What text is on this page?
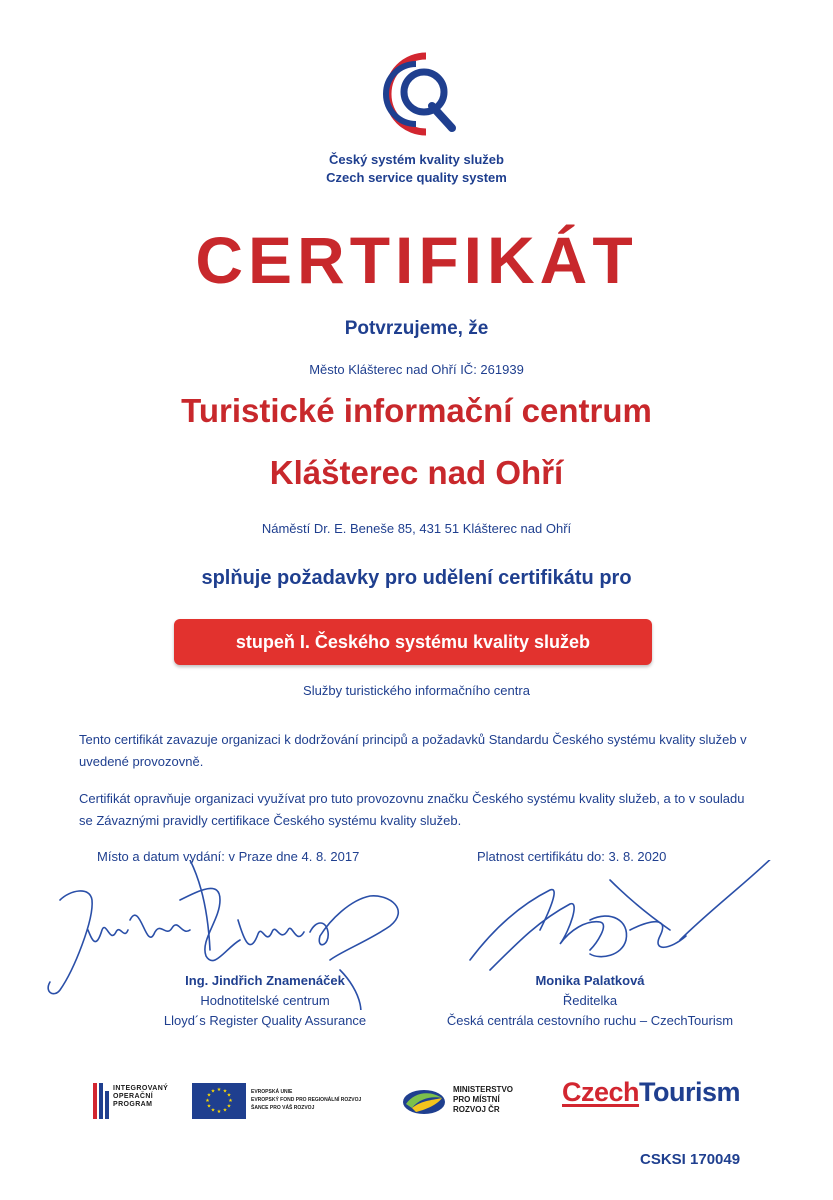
Český systém kvality služeb
Czech service quality system
CERTIFIKÁT
Potvrzujeme, že
Město Klášterec nad Ohří IČ: 261939
Turistické informační centrum
Klášterec nad Ohří
Náměstí Dr. E. Beneše 85, 431 51 Klášterec nad Ohří
splňuje požadavky pro udělení certifikátu pro
stupeň I. Českého systému kvality služeb
Služby turistického informačního centra
Tento certifikát zavazuje organizaci k dodržování principů a požadavků Standardu Českého systému kvality služeb v uvedené provozovně.
Certifikát opravňuje organizaci využívat pro tuto provozovnu značku Českého systému kvality služeb, a to v souladu se Závaznými pravidly certifikace Českého systému kvality služeb.
Místo a datum vydání: v Praze dne 4. 8. 2017	Platnost certifikátu do: 3. 8. 2020
Ing. Jindřich Znamenáček
Hodnotitelské centrum
Lloyd´s Register Quality Assurance
Monika Palatková
Ředitelka
Česká centrála cestovního ruchu – CzechTourism
INTEGROVANÝ
OPERAČNÍ
PROGRAM
★ ★
★
★
★
★
★
★
★
★
★
★	EVROPSKÁ UNIE
EVROPSKÝ FOND PRO REGIONÁLNÍ ROZVOJ
ŠANCE PRO VÁŠ ROZVOJ
MINISTERSTVO
PRO MÍSTNÍ
ROZVOJ ČR
CzechTourism
CSKSI 170049
